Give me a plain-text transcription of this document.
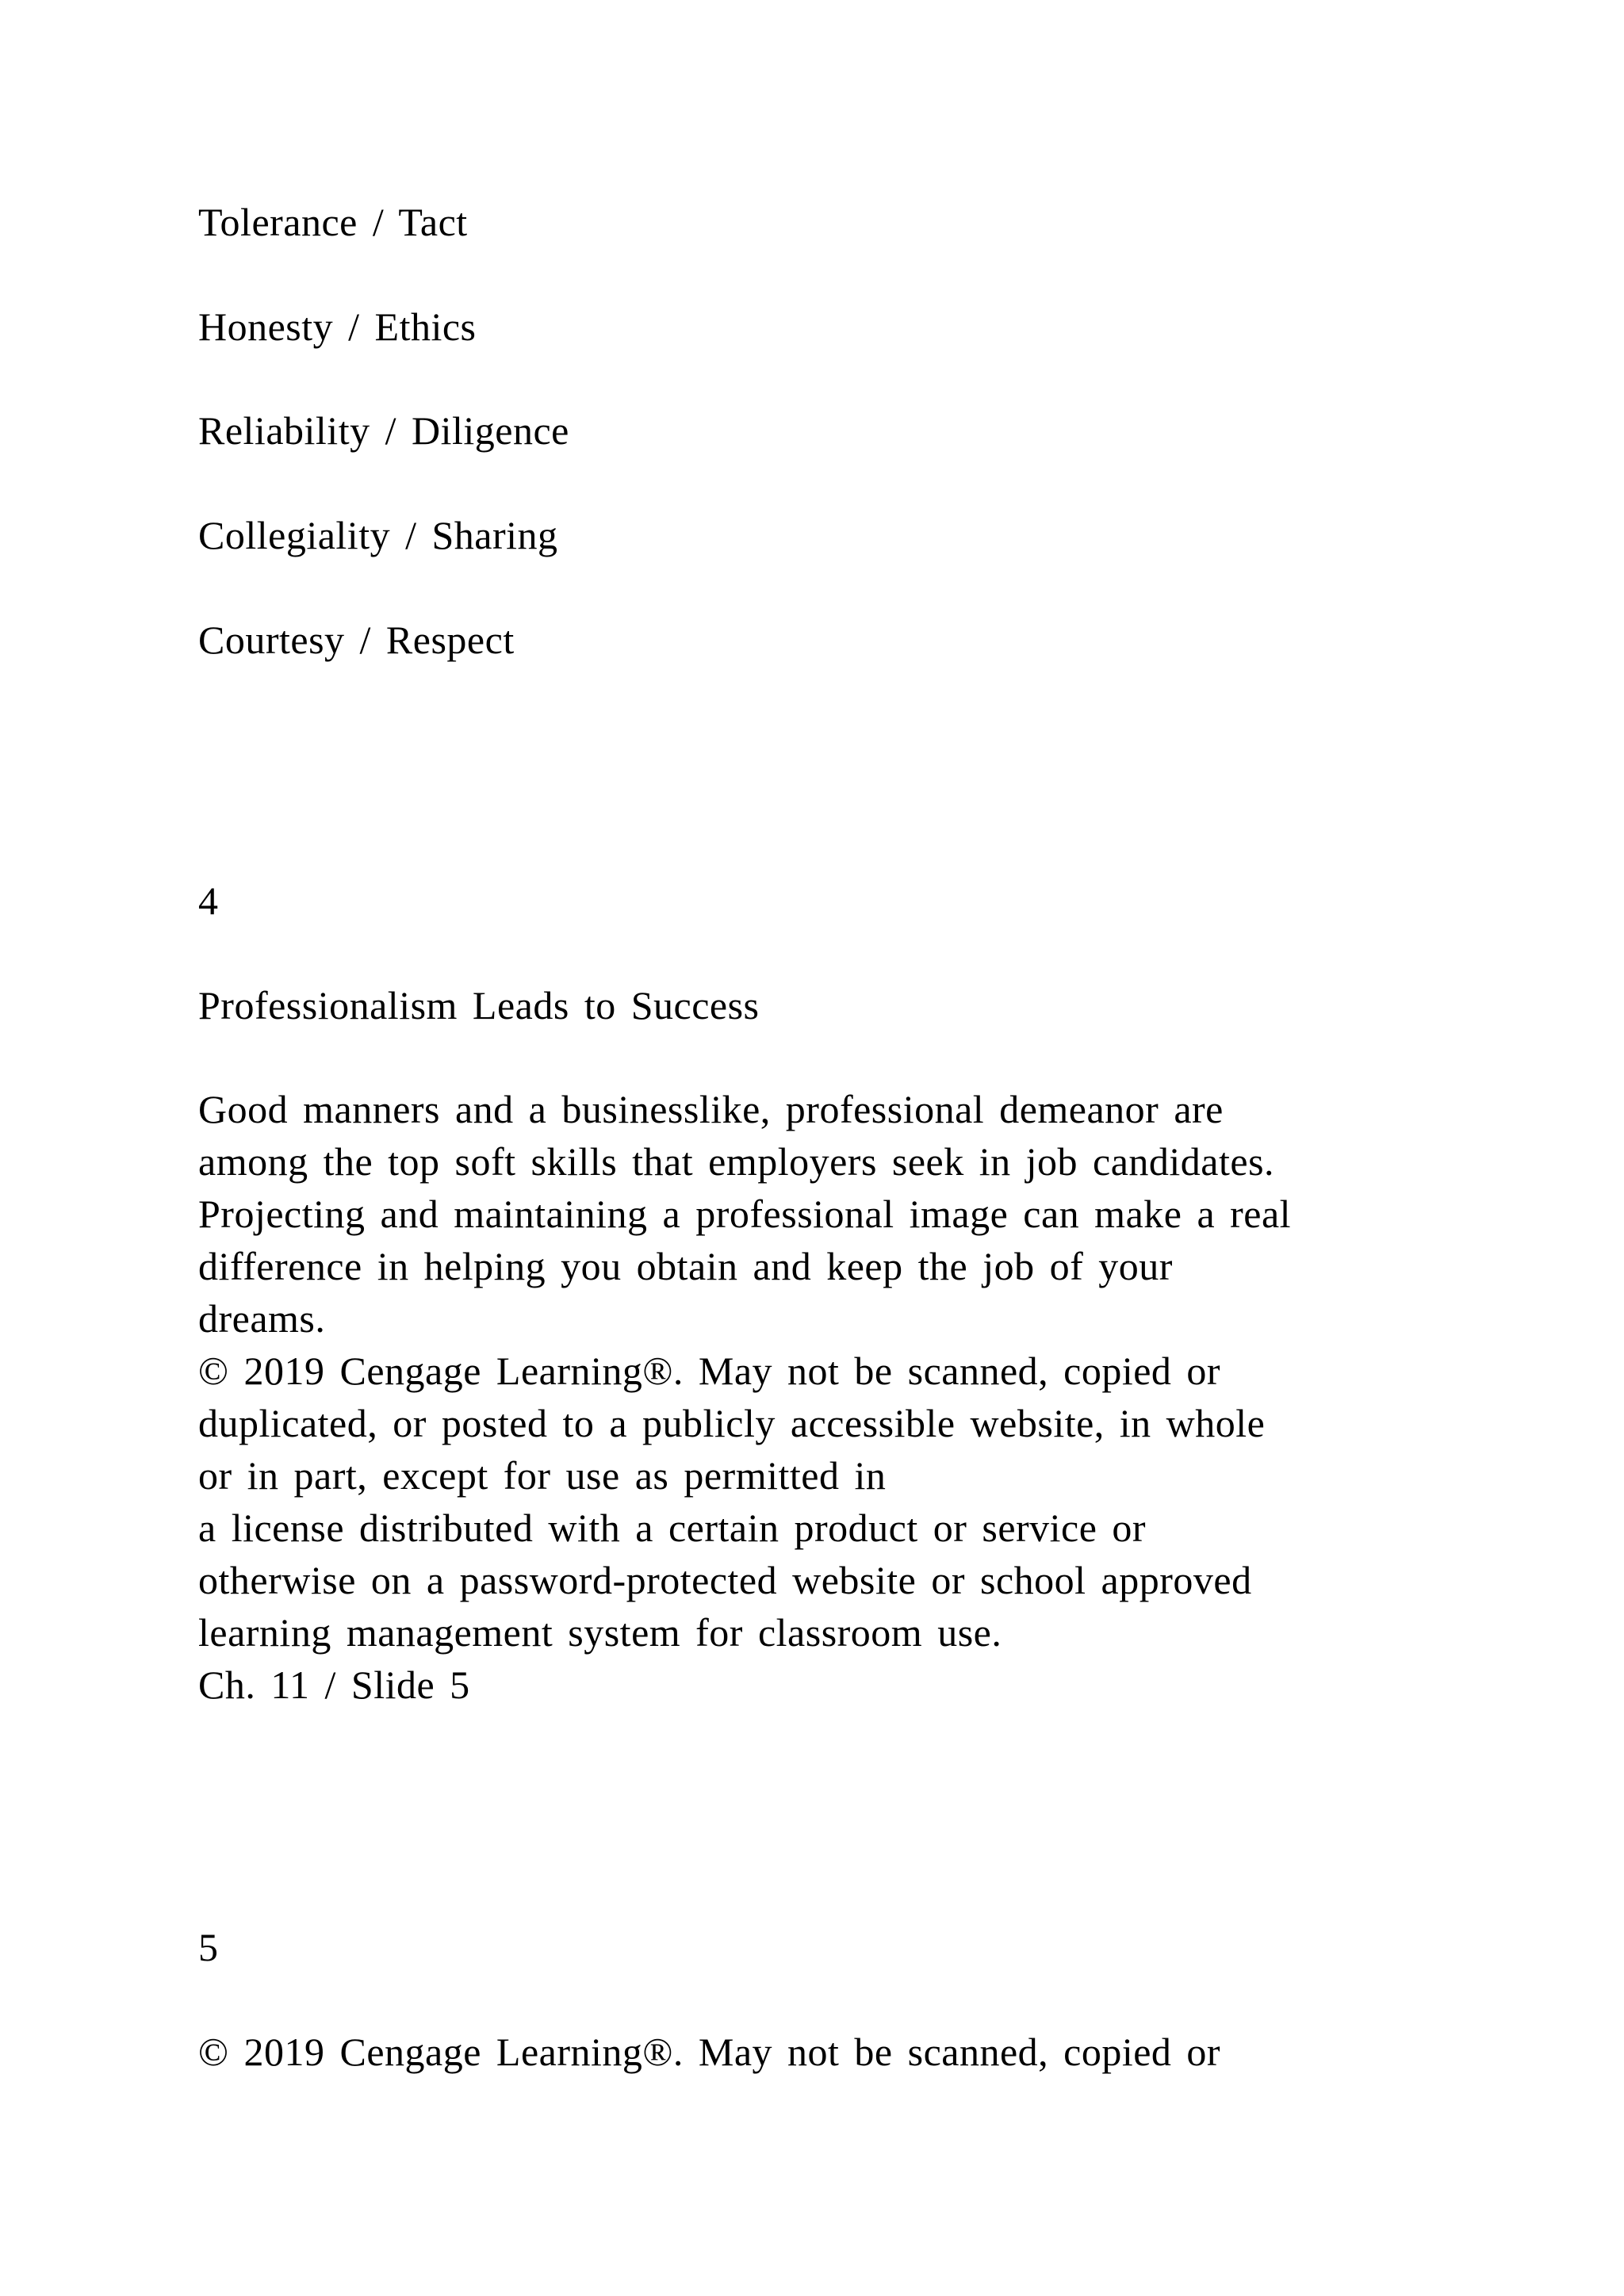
Tolerance / Tact

Honesty / Ethics

Reliability / Diligence

Collegiality / Sharing

Courtesy / Respect

4

Professionalism Leads to Success

Good manners and a businesslike, professional demeanor are

among the top soft skills that employers seek in job candidates.

Projecting and maintaining a professional image can make a real

difference in helping you obtain and keep the job of your

dreams.

© 2019 Cengage Learning®. May not be scanned, copied or

duplicated, or posted to a publicly accessible website, in whole

or in part, except for use as permitted in

a license distributed with a certain product or service or

otherwise on a password-protected website or school approved

learning management system for classroom use.

Ch. 11 / Slide 5

5

© 2019 Cengage Learning®. May not be scanned, copied or
